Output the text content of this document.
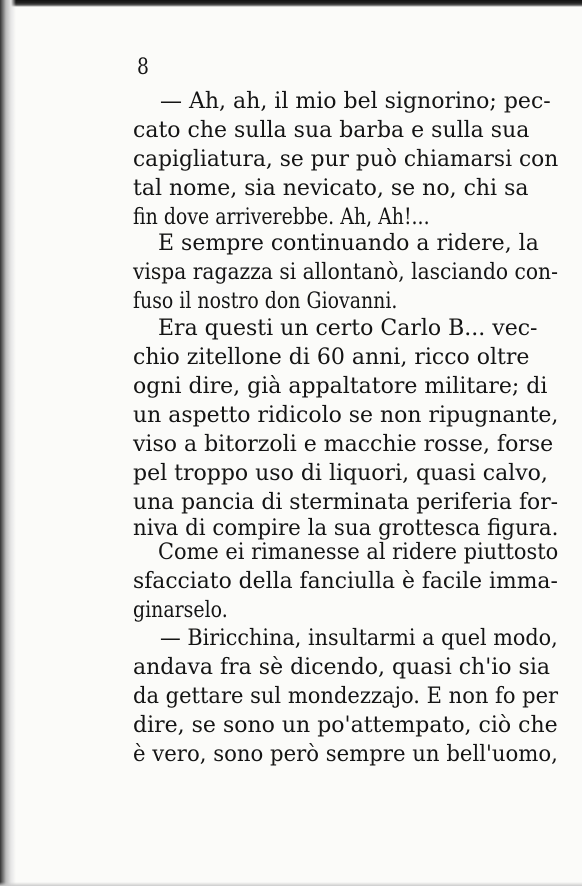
8
— Ah, ah, il mio bel signorino; pec-
cato che sulla sua barba e sulla sua
capigliatura, se pur può chiamarsi con
tal nome, sia nevicato, se no, chi sa
fin dove arriverebbe. Ah, Ah!...
E sempre continuando a ridere, la
vispa ragazza si allontanò, lasciando con-
fuso il nostro don Giovanni.
Era questi un certo Carlo B... vec-
chio zitellone di 60 anni, ricco oltre
ogni dire, già appaltatore militare; di
un aspetto ridicolo se non ripugnante,
viso a bitorzoli e macchie rosse, forse
pel troppo uso di liquori, quasi calvo,
una pancia di sterminata periferia for-
niva di compire la sua grottesca figura.
Come ei rimanesse al ridere piuttosto
sfacciato della fanciulla è facile imma-
ginarselo.
— Biricchina, insultarmi a quel modo,
andava fra sè dicendo, quasi ch'io sia
da gettare sul mondezzajo. E non fo per
dire, se sono un po'attempato, ciò che
è vero, sono però sempre un bell'uomo,
